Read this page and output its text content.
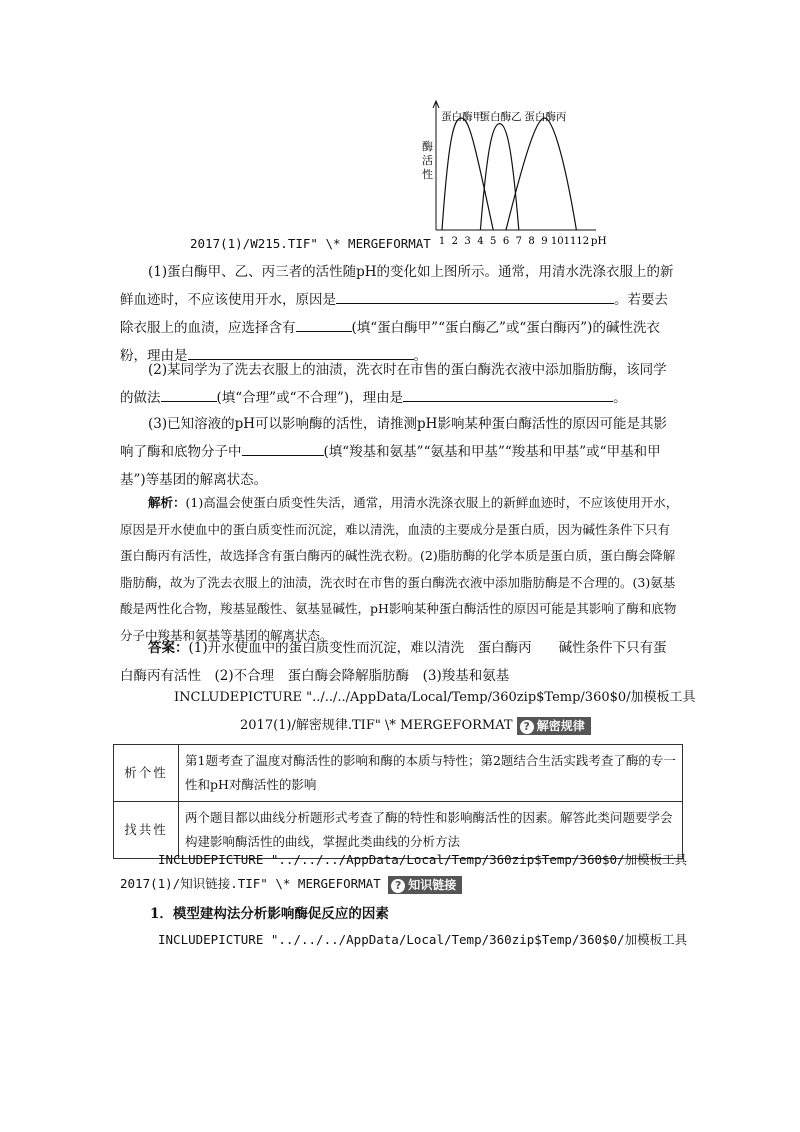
酶
活
性
蛋白酶甲
蛋白酶乙 蛋白酶丙
1 2 3 4 5 6 7 8 9 10 11 12 pH
2017(1)/W215.TIF" \* MERGEFORMAT
(1)蛋白酶甲、乙、丙三者的活性随pH的变化如上图所示。通常，用清水洗涤衣服上的新鲜血迹时，不应该使用开水，原因是	。若要去除衣服上的血渍，应选择含有	(填“蛋白酶甲”“蛋白酶乙”或“蛋白酶丙”)的碱性洗衣粉，理由是	。
(2)某同学为了洗去衣服上的油渍，洗衣时在市售的蛋白酶洗衣液中添加脂肪酶，该同学的做法	(填“合理”或“不合理”)，理由是	。
(3)已知溶液的pH可以影响酶的活性，请推测pH影响某种蛋白酶活性的原因可能是其影响了酶和底物分子中	(填“羧基和氨基”“氨基和甲基”“羧基和甲基”或“甲基和甲基”)等基团的解离状态。
解析：(1)高温会使蛋白质变性失活，通常，用清水洗涤衣服上的新鲜血迹时，不应该使用开水，原因是开水使血中的蛋白质变性而沉淀，难以清洗，血渍的主要成分是蛋白质，因为碱性条件下只有蛋白酶丙有活性，故选择含有蛋白酶丙的碱性洗衣粉。(2)脂肪酶的化学本质是蛋白质，蛋白酶会降解脂肪酶，故为了洗去衣服上的油渍，洗衣时在市售的蛋白酶洗衣液中添加脂肪酶是不合理的。(3)氨基酸是两性化合物，羧基显酸性、氨基显碱性，pH影响某种蛋白酶活性的原因可能是其影响了酶和底物分子中羧基和氨基等基团的解离状态。
答案：(1)开水使血中的蛋白质变性而沉淀，难以清洗　蛋白酶丙　　碱性条件下只有蛋白酶丙有活性　(2)不合理　蛋白酶会降解脂肪酶　(3)羧基和氨基
INCLUDEPICTURE "../../../AppData/Local/Temp/360zip$Temp/360$0/加模板工具
2017(1)/解密规律.TIF" \* MERGEFORMAT ? 解密规律
析个性	第1题考查了温度对酶活性的影响和酶的本质与特性；第2题结合生活实践考查了酶的专一性和pH对酶活性的影响
找共性	两个题目都以曲线分析题形式考查了酶的特性和影响酶活性的因素。解答此类问题要学会构建影响酶活性的曲线，掌握此类曲线的分析方法
INCLUDEPICTURE "../../../AppData/Local/Temp/360zip$Temp/360$0/加模板工具
2017(1)/知识链接.TIF" \* MERGEFORMAT ? 知识链接
1．模型建构法分析影响酶促反应的因素
INCLUDEPICTURE "../../../AppData/Local/Temp/360zip$Temp/360$0/加模板工具
